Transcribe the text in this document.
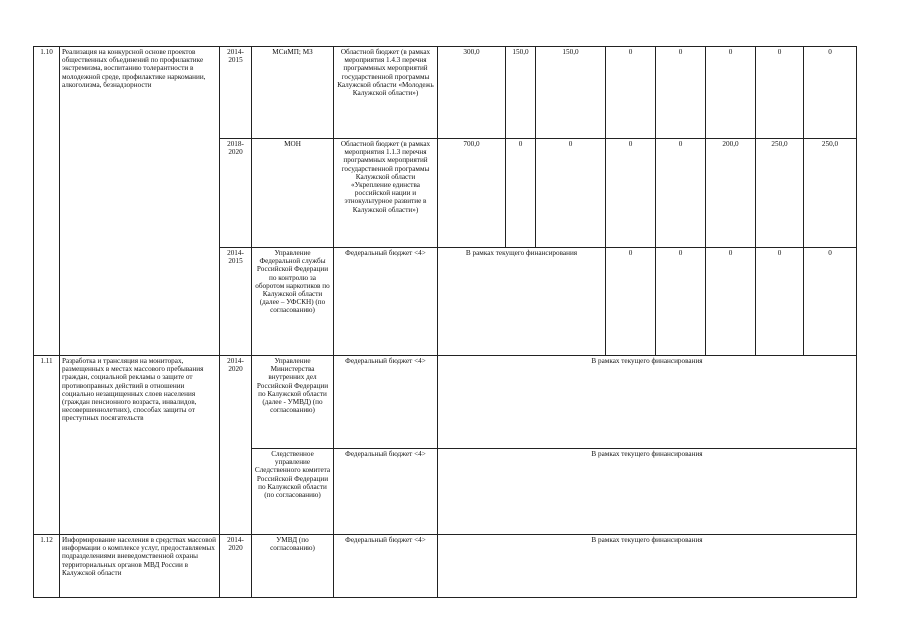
1.10	Реализация на конкурсной основе проектов общественных объединений по профилактике экстремизма, воспитанию толерантности в молодежной среде, профилактике наркомании, алкоголизма, безнадзорности	2014-2015	МСиМП; МЗ	Областной бюджет (в рамках мероприятия 1.4.3 перечня программных мероприятий государственной программы Калужской области «Молодежь Калужской области»)	300,0	150,0	150,0	0	0	0	0	0
		2018-2020	МОН	Областной бюджет (в рамках мероприятия 1.1.3 перечня программных мероприятий государственной программы Калужской области «Укрепление единства российской нации и этнокультурное развитие в Калужской области»)	700,0	0	0	0	0	200,0	250,0	250,0
		2014-2015	Управление Федеральной службы Российской Федерации по контролю за оборотом наркотиков по Калужской области (далее – УФСКН) (по согласованию)	Федеральный бюджет <4>	В рамках текущего финансирования			0	0	0	0	0
1.11	Разработка и трансляция на мониторах, размещенных в местах массового пребывания граждан, социальной рекламы о защите от противоправных действий в отношении социально незащищенных слоев населения (граждан пенсионного возраста, инвалидов, несовершеннолетних), способах защиты от преступных посягательств	2014-2020	Управление Министерства внутренних дел Российской Федерации по Калужской области (далее - УМВД) (по согласованию)	Федеральный бюджет <4>	В рамках текущего финансирования							
			Следственное управление Следственного комитета Российской Федерации по Калужской области (по согласованию)	Федеральный бюджет <4>	В рамках текущего финансирования							
1.12	Информирование населения в средствах массовой информации о комплексе услуг, предоставляемых подразделениями вневедомственной охраны территориальных органов МВД России в Калужской области	2014-2020	УМВД (по согласованию)	Федеральный бюджет <4>	В рамках текущего финансирования							
